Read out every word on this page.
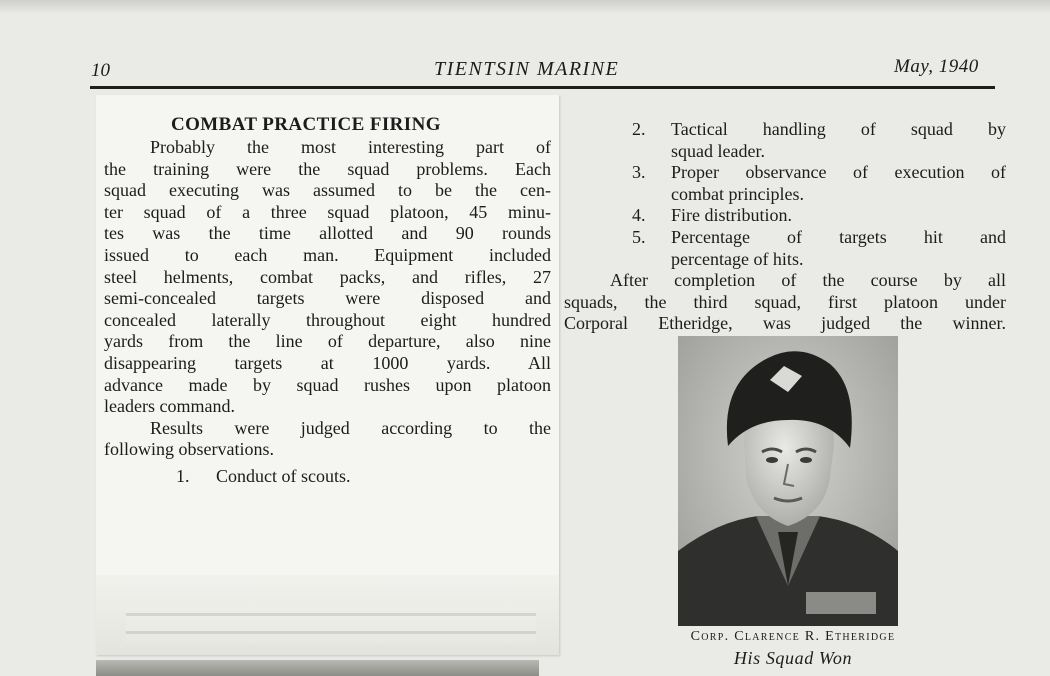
10	TIENTSIN MARINE	May, 1940
COMBAT PRACTICE FIRING

Probably the most interesting part of

the training were the squad problems. Each

squad executing was assumed to be the cen-

ter squad of a three squad platoon, 45 minu-

tes was the time allotted and 90 rounds

issued to each man. Equipment included

steel helments, combat packs, and rifles, 27

semi-concealed targets were disposed and

concealed laterally throughout eight hundred

yards from the line of departure, also nine

disappearing targets at 1000 yards. All

advance made by squad rushes upon platoon

leaders command.

Results were judged according to the

following observations.

1. Conduct of scouts.
2. Tactical handling of squad by

squad leader.

3. Proper observance of execution of

combat principles.

4. Fire distribution.

5. Percentage of targets hit and

percentage of hits.

After completion of the course by all

squads, the third squad, first platoon under

Corporal Etheridge, was judged the winner.

Corp. Clarence R. Etheridge
His Squad Won
